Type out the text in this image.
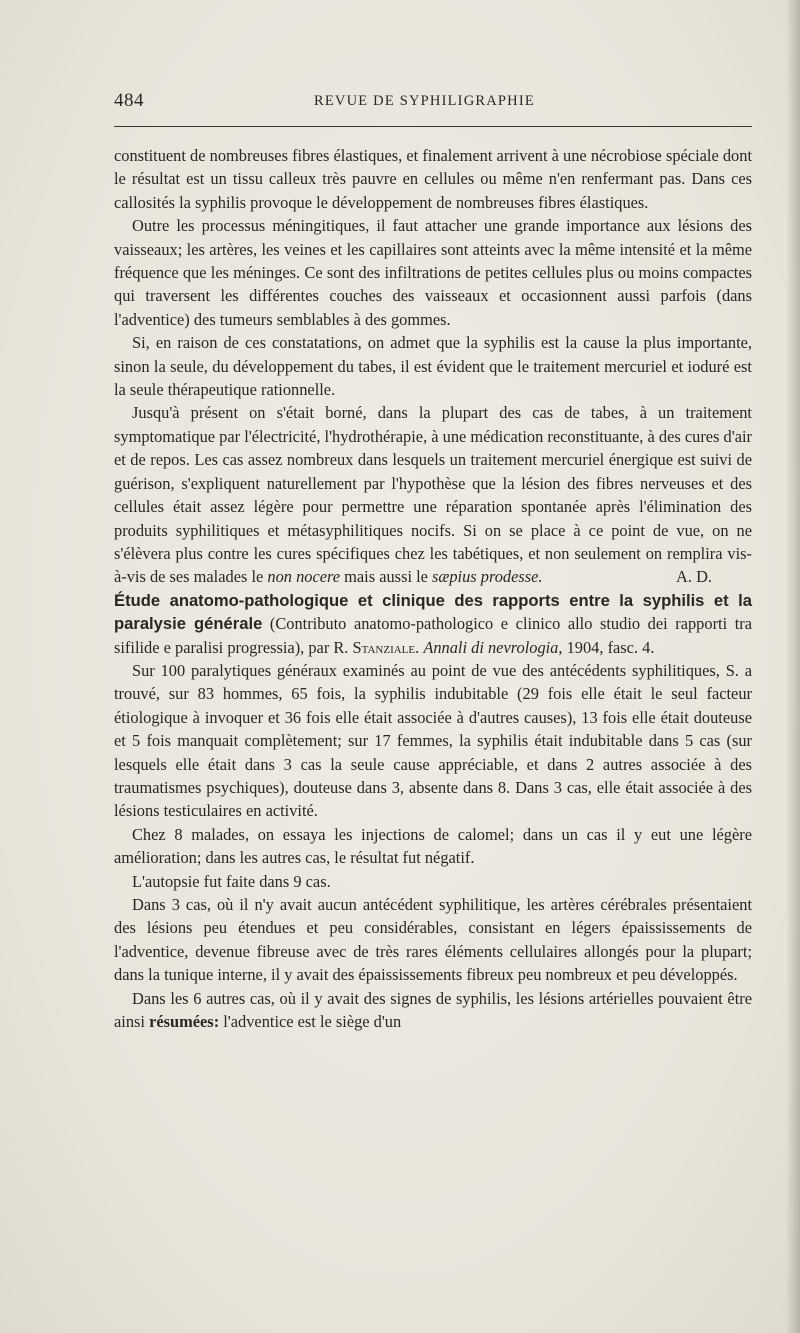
484	REVUE DE SYPHILIGRAPHIE

constituent de nombreuses fibres élastiques, et finalement arrivent à une nécrobiose spéciale dont le résultat est un tissu calleux très pauvre en cellules ou même n'en renfermant pas. Dans ces callosités la syphilis provoque le développement de nombreuses fibres élastiques.

Outre les processus méningitiques, il faut attacher une grande importance aux lésions des vaisseaux; les artères, les veines et les capillaires sont atteints avec la même intensité et la même fréquence que les méninges. Ce sont des infiltrations de petites cellules plus ou moins compactes qui traversent les différentes couches des vaisseaux et occasionnent aussi parfois (dans l'adventice) des tumeurs semblables à des gommes.

Si, en raison de ces constatations, on admet que la syphilis est la cause la plus importante, sinon la seule, du développement du tabes, il est évident que le traitement mercuriel et ioduré est la seule thérapeutique rationnelle.

Jusqu'à présent on s'était borné, dans la plupart des cas de tabes, à un traitement symptomatique par l'électricité, l'hydrothérapie, à une médication reconstituante, à des cures d'air et de repos. Les cas assez nombreux dans lesquels un traitement mercuriel énergique est suivi de guérison, s'expliquent naturellement par l'hypothèse que la lésion des fibres nerveuses et des cellules était assez légère pour permettre une réparation spontanée après l'élimination des produits syphilitiques et métasyphilitiques nocifs. Si on se place à ce point de vue, on ne s'élèvera plus contre les cures spécifiques chez les tabétiques, et non seulement on remplira vis-à-vis de ses malades le non nocere mais aussi le sæpius prodesse.	A. D.

Étude anatomo-pathologique et clinique des rapports entre la syphilis et la paralysie générale (Contributo anatomo-pathologico e clinico allo studio dei rapporti tra sifilide e paralisi progressia), par R. Stanziale. Annali di nevrologia, 1904, fasc. 4.

Sur 100 paralytiques généraux examinés au point de vue des antécédents syphilitiques, S. a trouvé, sur 83 hommes, 65 fois, la syphilis indubitable (29 fois elle était le seul facteur étiologique à invoquer et 36 fois elle était associée à d'autres causes), 13 fois elle était douteuse et 5 fois manquait complètement; sur 17 femmes, la syphilis était indubitable dans 5 cas (sur lesquels elle était dans 3 cas la seule cause appréciable, et dans 2 autres associée à des traumatismes psychiques), douteuse dans 3, absente dans 8. Dans 3 cas, elle était associée à des lésions testiculaires en activité.

Chez 8 malades, on essaya les injections de calomel; dans un cas il y eut une légère amélioration; dans les autres cas, le résultat fut négatif.

L'autopsie fut faite dans 9 cas.

Dans 3 cas, où il n'y avait aucun antécédent syphilitique, les artères cérébrales présentaient des lésions peu étendues et peu considérables, consistant en légers épaississements de l'adventice, devenue fibreuse avec de très rares éléments cellulaires allongés pour la plupart; dans la tunique interne, il y avait des épaississements fibreux peu nombreux et peu développés.

Dans les 6 autres cas, où il y avait des signes de syphilis, les lésions artérielles pouvaient être ainsi résumées: l'adventice est le siège d'un
